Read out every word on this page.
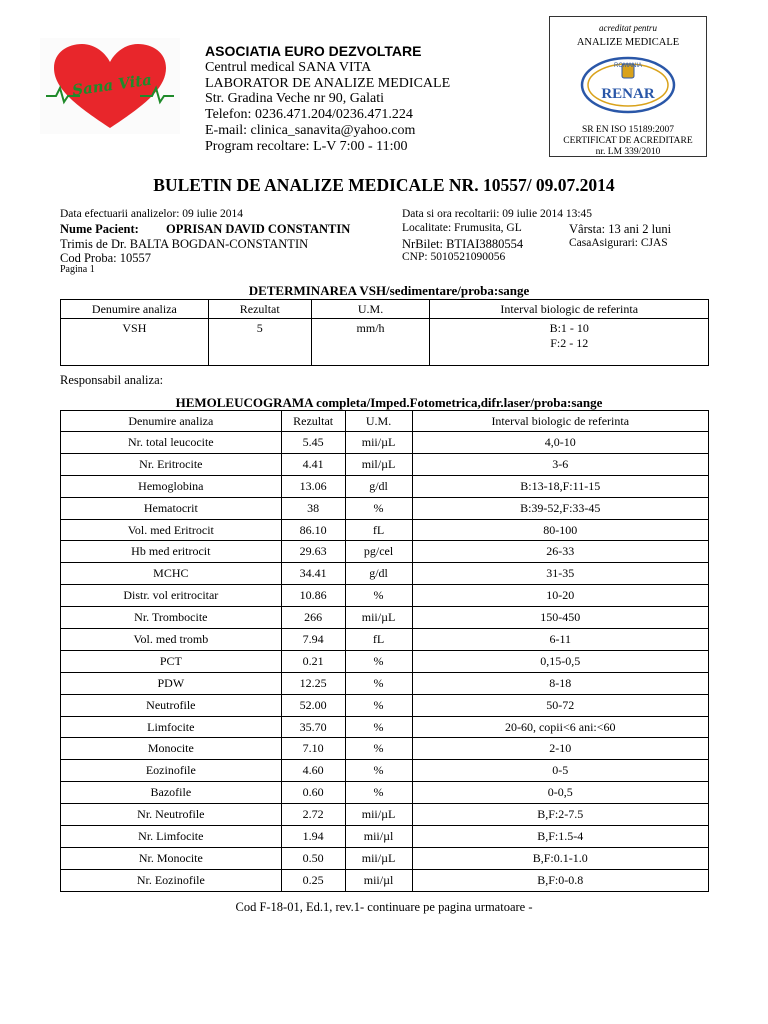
Sana Vita
ASOCIATIA EURO DEZVOLTARE
Centrul medical SANA VITA
LABORATOR DE ANALIZE MEDICALE
Str. Gradina Veche nr 90, Galati
Telefon: 0236.471.204/0236.471.224
E-mail: clinica_sanavita@yahoo.com
Program recoltare: L-V 7:00 - 11:00
acreditat pentru
ANALIZE MEDICALE
RENAR
ROMANIA
SR EN ISO 15189:2007
CERTIFICAT DE ACREDITARE
nr. LM 339/2010
BULETIN DE ANALIZE MEDICALE NR. 10557/ 09.07.2014
Data efectuarii analizelor: 09 iulie 2014	Data si ora recoltarii: 09 iulie 2014 13:45
Nume Pacient: OPRISAN DAVID CONSTANTIN	Localitate: Frumusita, GL	Vârsta: 13 ani 2 luni
Trimis de Dr. BALTA BOGDAN-CONSTANTIN	NrBilet: BTIAI3880554	CasaAsigurari: CJAS
Cod Proba: 10557	CNP: 5010521090056
Pagina 1
DETERMINAREA VSH/sedimentare/proba:sange
Denumire analiza	Rezultat	U.M.	Interval biologic de referinta
VSH	5	mm/h	B:1 - 10
F:2 - 12
Responsabil analiza:
HEMOLEUCOGRAMA completa/Imped.Fotometrica,difr.laser/proba:sange
Denumire analiza	Rezultat	U.M.	Interval biologic de referinta
Nr. total leucocite	5.45	mii/µL	4,0-10
Nr. Eritrocite	4.41	mil/µL	3-6
Hemoglobina	13.06	g/dl	B:13-18,F:11-15
Hematocrit	38	%	B:39-52,F:33-45
Vol. med Eritrocit	86.10	fL	80-100
Hb med eritrocit	29.63	pg/cel	26-33
MCHC	34.41	g/dl	31-35
Distr. vol eritrocitar	10.86	%	10-20
Nr. Trombocite	266	mii/µL	150-450
Vol. med tromb	7.94	fL	6-11
PCT	0.21	%	0,15-0,5
PDW	12.25	%	8-18
Neutrofile	52.00	%	50-72
Limfocite	35.70	%	20-60, copii<6 ani:<60
Monocite	7.10	%	2-10
Eozinofile	4.60	%	0-5
Bazofile	0.60	%	0-0,5
Nr. Neutrofile	2.72	mii/µL	B,F:2-7.5
Nr. Limfocite	1.94	mii/µl	B,F:1.5-4
Nr. Monocite	0.50	mii/µL	B,F:0.1-1.0
Nr. Eozinofile	0.25	mii/µl	B,F:0-0.8
Cod F-18-01, Ed.1, rev.1- continuare pe pagina urmatoare -
